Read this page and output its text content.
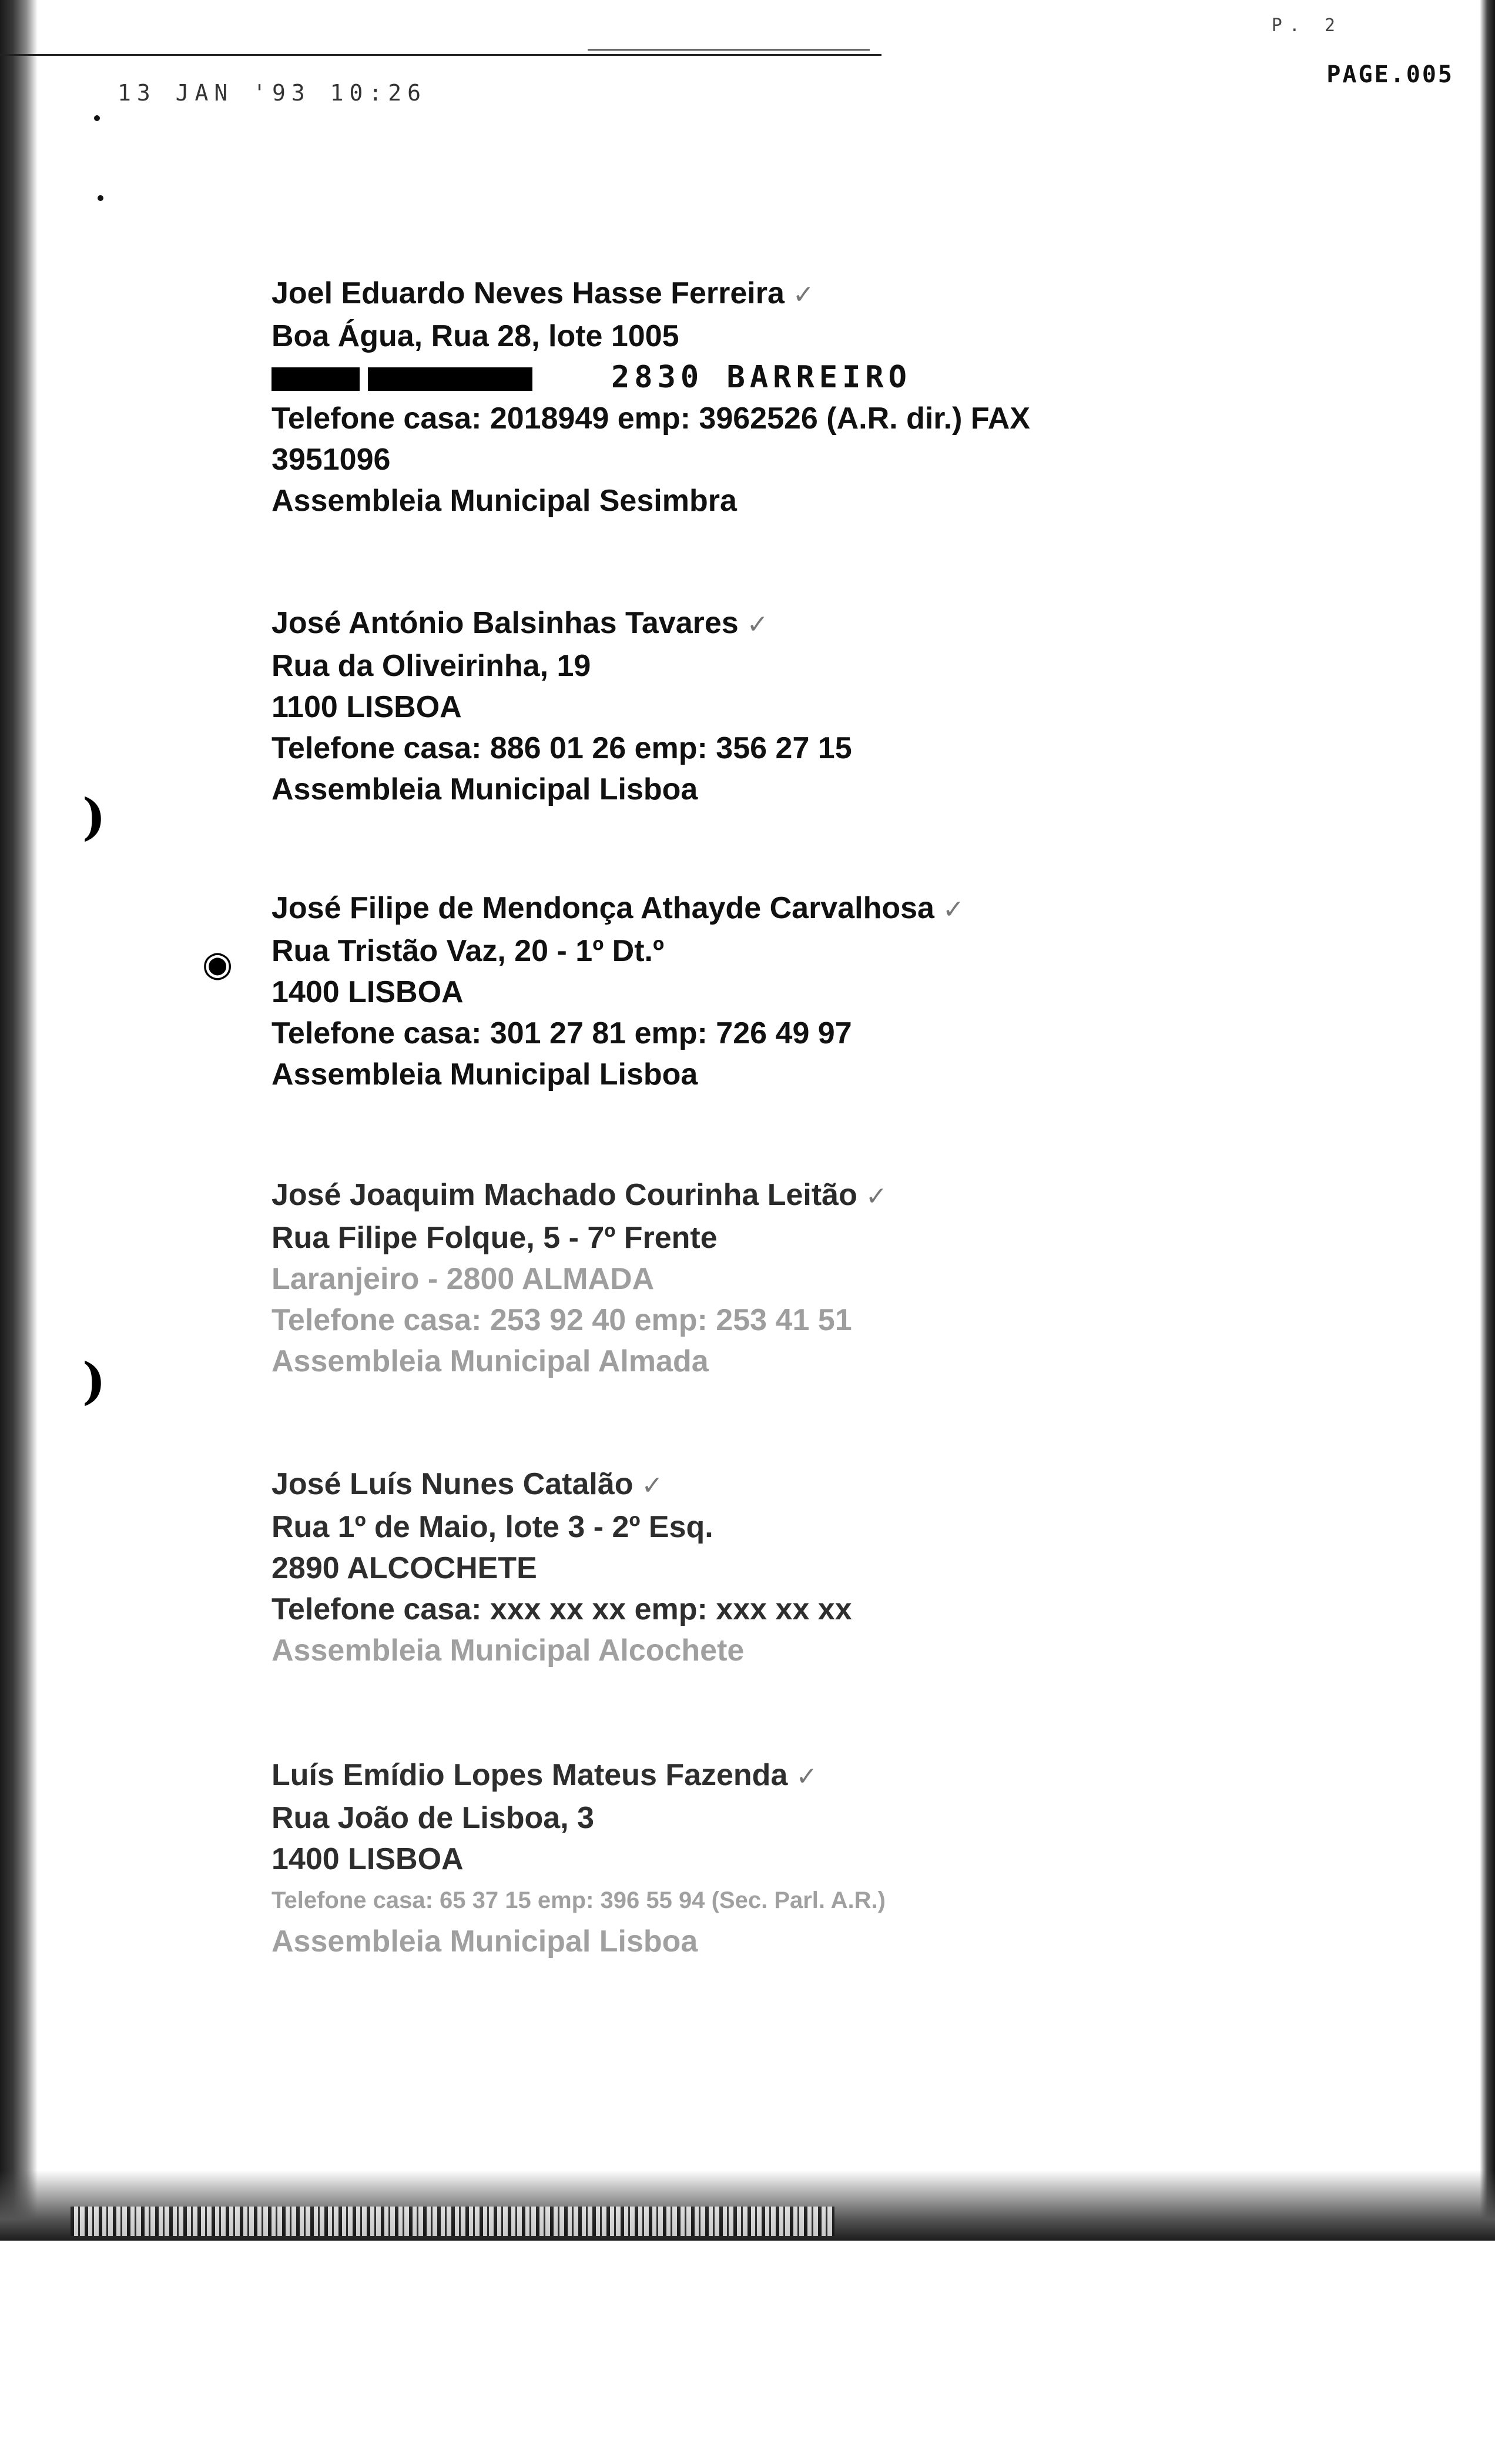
P. 2
13 JAN '93 10:26
PAGE.005
)
)
◉
Joel Eduardo Neves Hasse Ferreira ✓
Boa Água, Rua 28, lote 1005
2830 BARREIRO
Telefone casa: 2018949 emp: 3962526 (A.R. dir.) FAX
3951096
Assembleia Municipal Sesimbra
José António Balsinhas Tavares ✓
Rua da Oliveirinha, 19
1100 LISBOA
Telefone casa: 886 01 26 emp: 356 27 15
Assembleia Municipal Lisboa
José Filipe de Mendonça Athayde Carvalhosa ✓
Rua Tristão Vaz, 20 - 1º Dt.º
1400 LISBOA
Telefone casa: 301 27 81 emp: 726 49 97
Assembleia Municipal Lisboa
José Joaquim Machado Courinha Leitão ✓
Rua Filipe Folque, 5 - 7º Frente
Laranjeiro - 2800 ALMADA
Telefone casa: 253 92 40 emp: 253 41 51
Assembleia Municipal Almada
José Luís Nunes Catalão ✓
Rua 1º de Maio, lote 3 - 2º Esq.
2890 ALCOCHETE
Telefone casa: xxx xx xx emp: xxx xx xx
Assembleia Municipal Alcochete
Luís Emídio Lopes Mateus Fazenda ✓
Rua João de Lisboa, 3
1400 LISBOA
Telefone casa: 65 37 15 emp: 396 55 94 (Sec. Parl. A.R.)
Assembleia Municipal Lisboa
